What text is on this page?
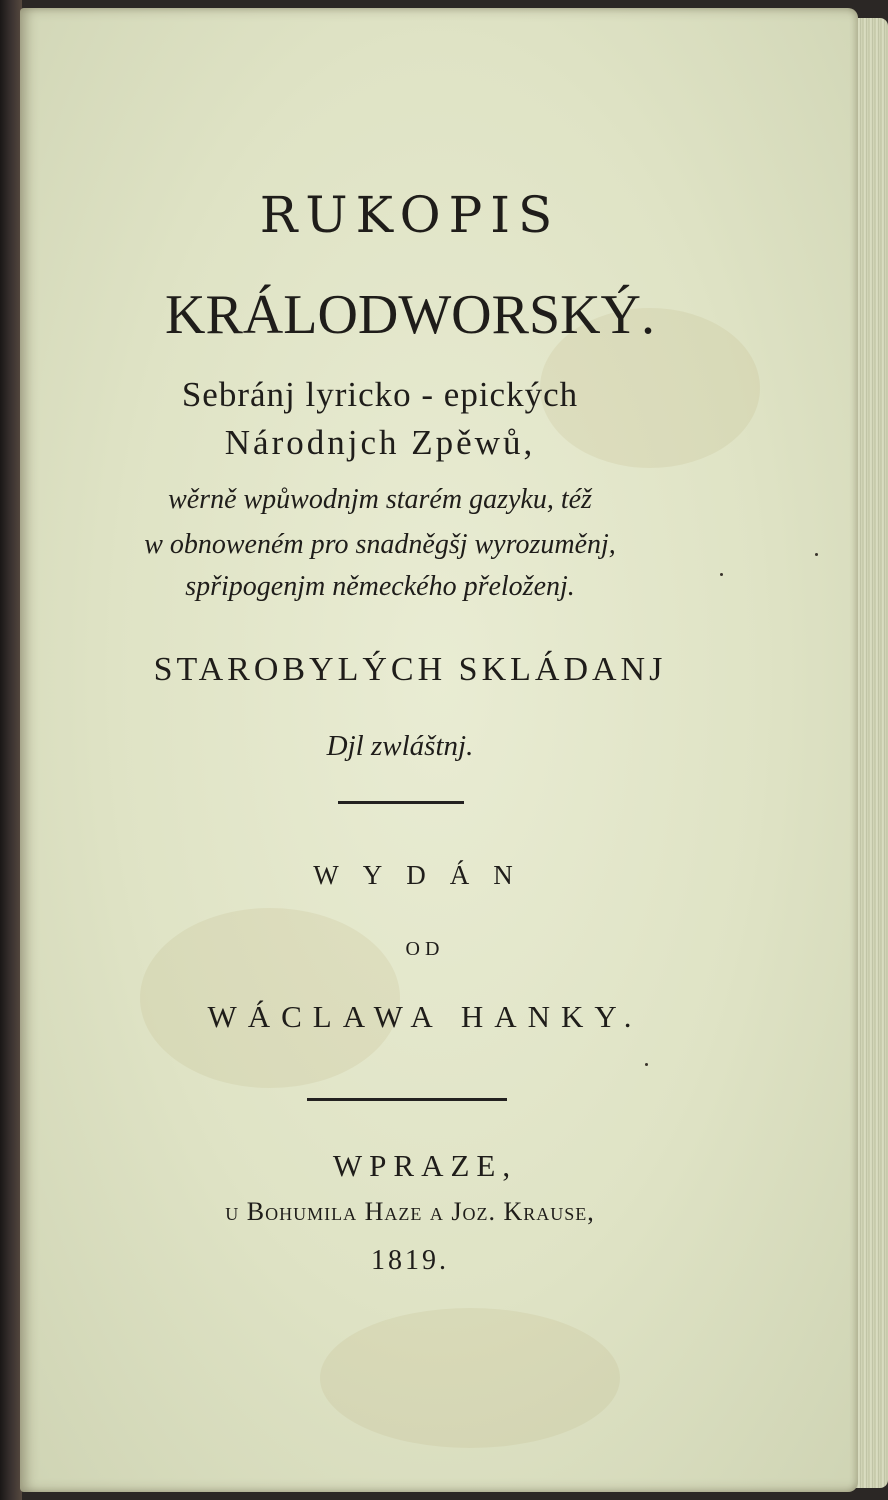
RUKOPIS
KRÁLODWORSKÝ.
Sebránj lyricko - epických
Národnjch Zpěwů,
wěrně wpůwodnjm starém gazyku, též
w obnoweném pro snadněgšj wyrozuměnj,
spřipogenjm německého přeloženj.
STAROBYLÝCH SKLÁDANJ
Djl zwláštnj.
WYDÁN
OD
WÁCLAWA HANKY.
WPRAZE,
u Bohumila Haze a Joz. Krause,
1819.
